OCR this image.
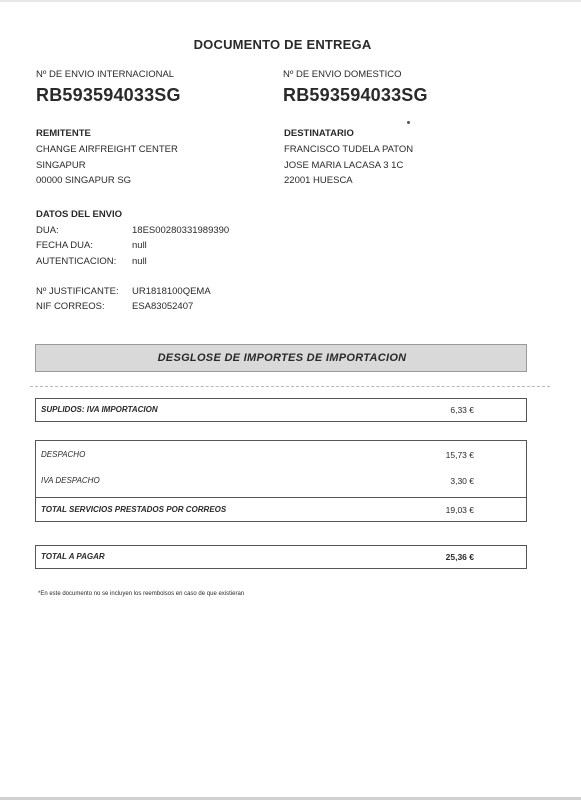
DOCUMENTO DE ENTREGA
Nº DE ENVIO INTERNACIONAL
RB593594033SG
Nº DE ENVIO DOMESTICO
RB593594033SG
REMITENTE
CHANGE AIRFREIGHT CENTER
SINGAPUR
00000 SINGAPUR SG
DESTINATARIO
FRANCISCO TUDELA PATON
JOSE MARIA LACASA 3 1C
22001 HUESCA
DATOS DEL ENVIO
DUA:	18ES00280331989390
FECHA DUA:	null
AUTENTICACION: null
Nº JUSTIFICANTE: UR1818100QEMA
NIF CORREOS:	ESA83052407
DESGLOSE DE IMPORTES DE IMPORTACION
SUPLIDOS: IVA IMPORTACION	6,33 €
DESPACHO	15,73 €
IVA DESPACHO	3,30 €
TOTAL SERVICIOS PRESTADOS POR CORREOS	19,03 €
TOTAL A PAGAR	25,36 €
*En este documento no se incluyen los reembolsos en caso de que existieran
